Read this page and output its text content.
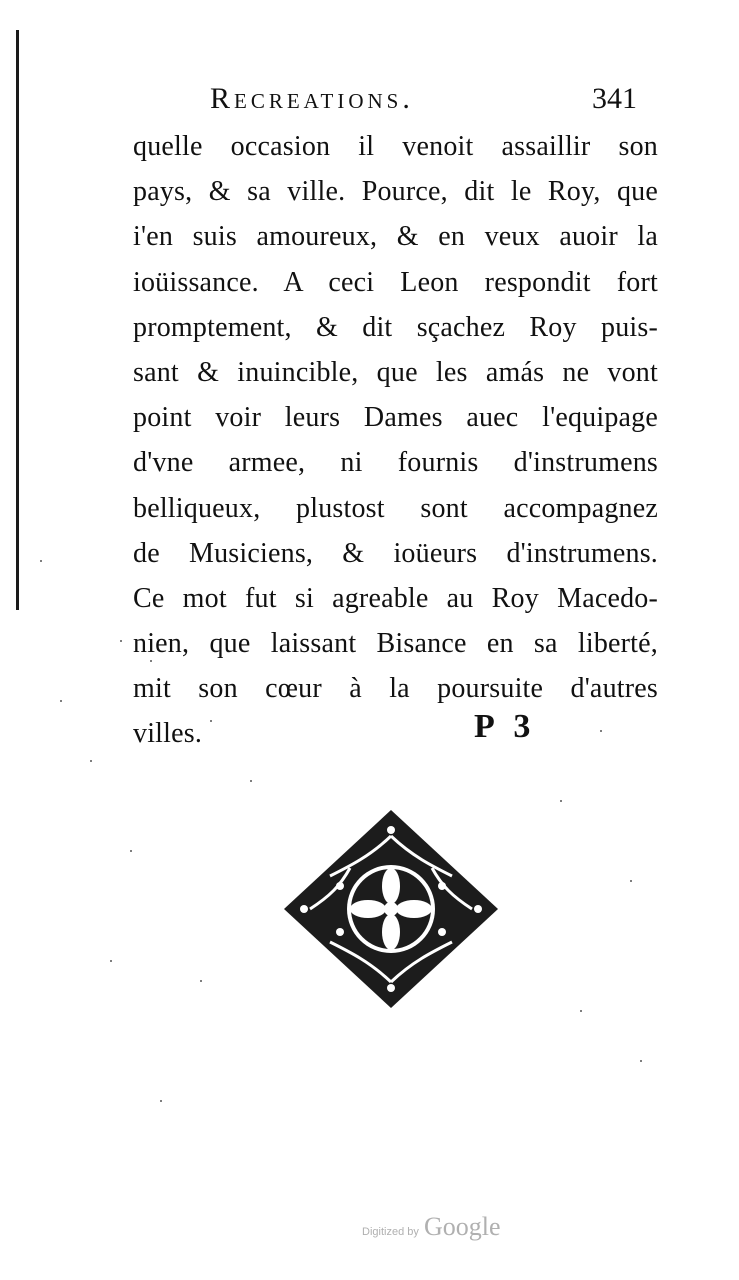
Recreations.	341
quelle occasion il venoit assaillir son
pays, & sa ville. Pource, dit le Roy, que
i'en suis amoureux, & en veux auoir la
ioüissance. A ceci Leon respondit fort
promptement, & dit sçachez Roy puis-
sant & inuincible, que les amás ne vont
point voir leurs Dames auec l'equipage
d'vne armee, ni fournis d'instrumens
belliqueux, plustost sont accompagnez
de Musiciens, & ioüeurs d'instrumens.
Ce mot fut si agreable au Roy Macedo-
nien, que laissant Bisance en sa liberté,
mit son cœur à la poursuite d'autres
villes.	P 3
Digitized by Google
